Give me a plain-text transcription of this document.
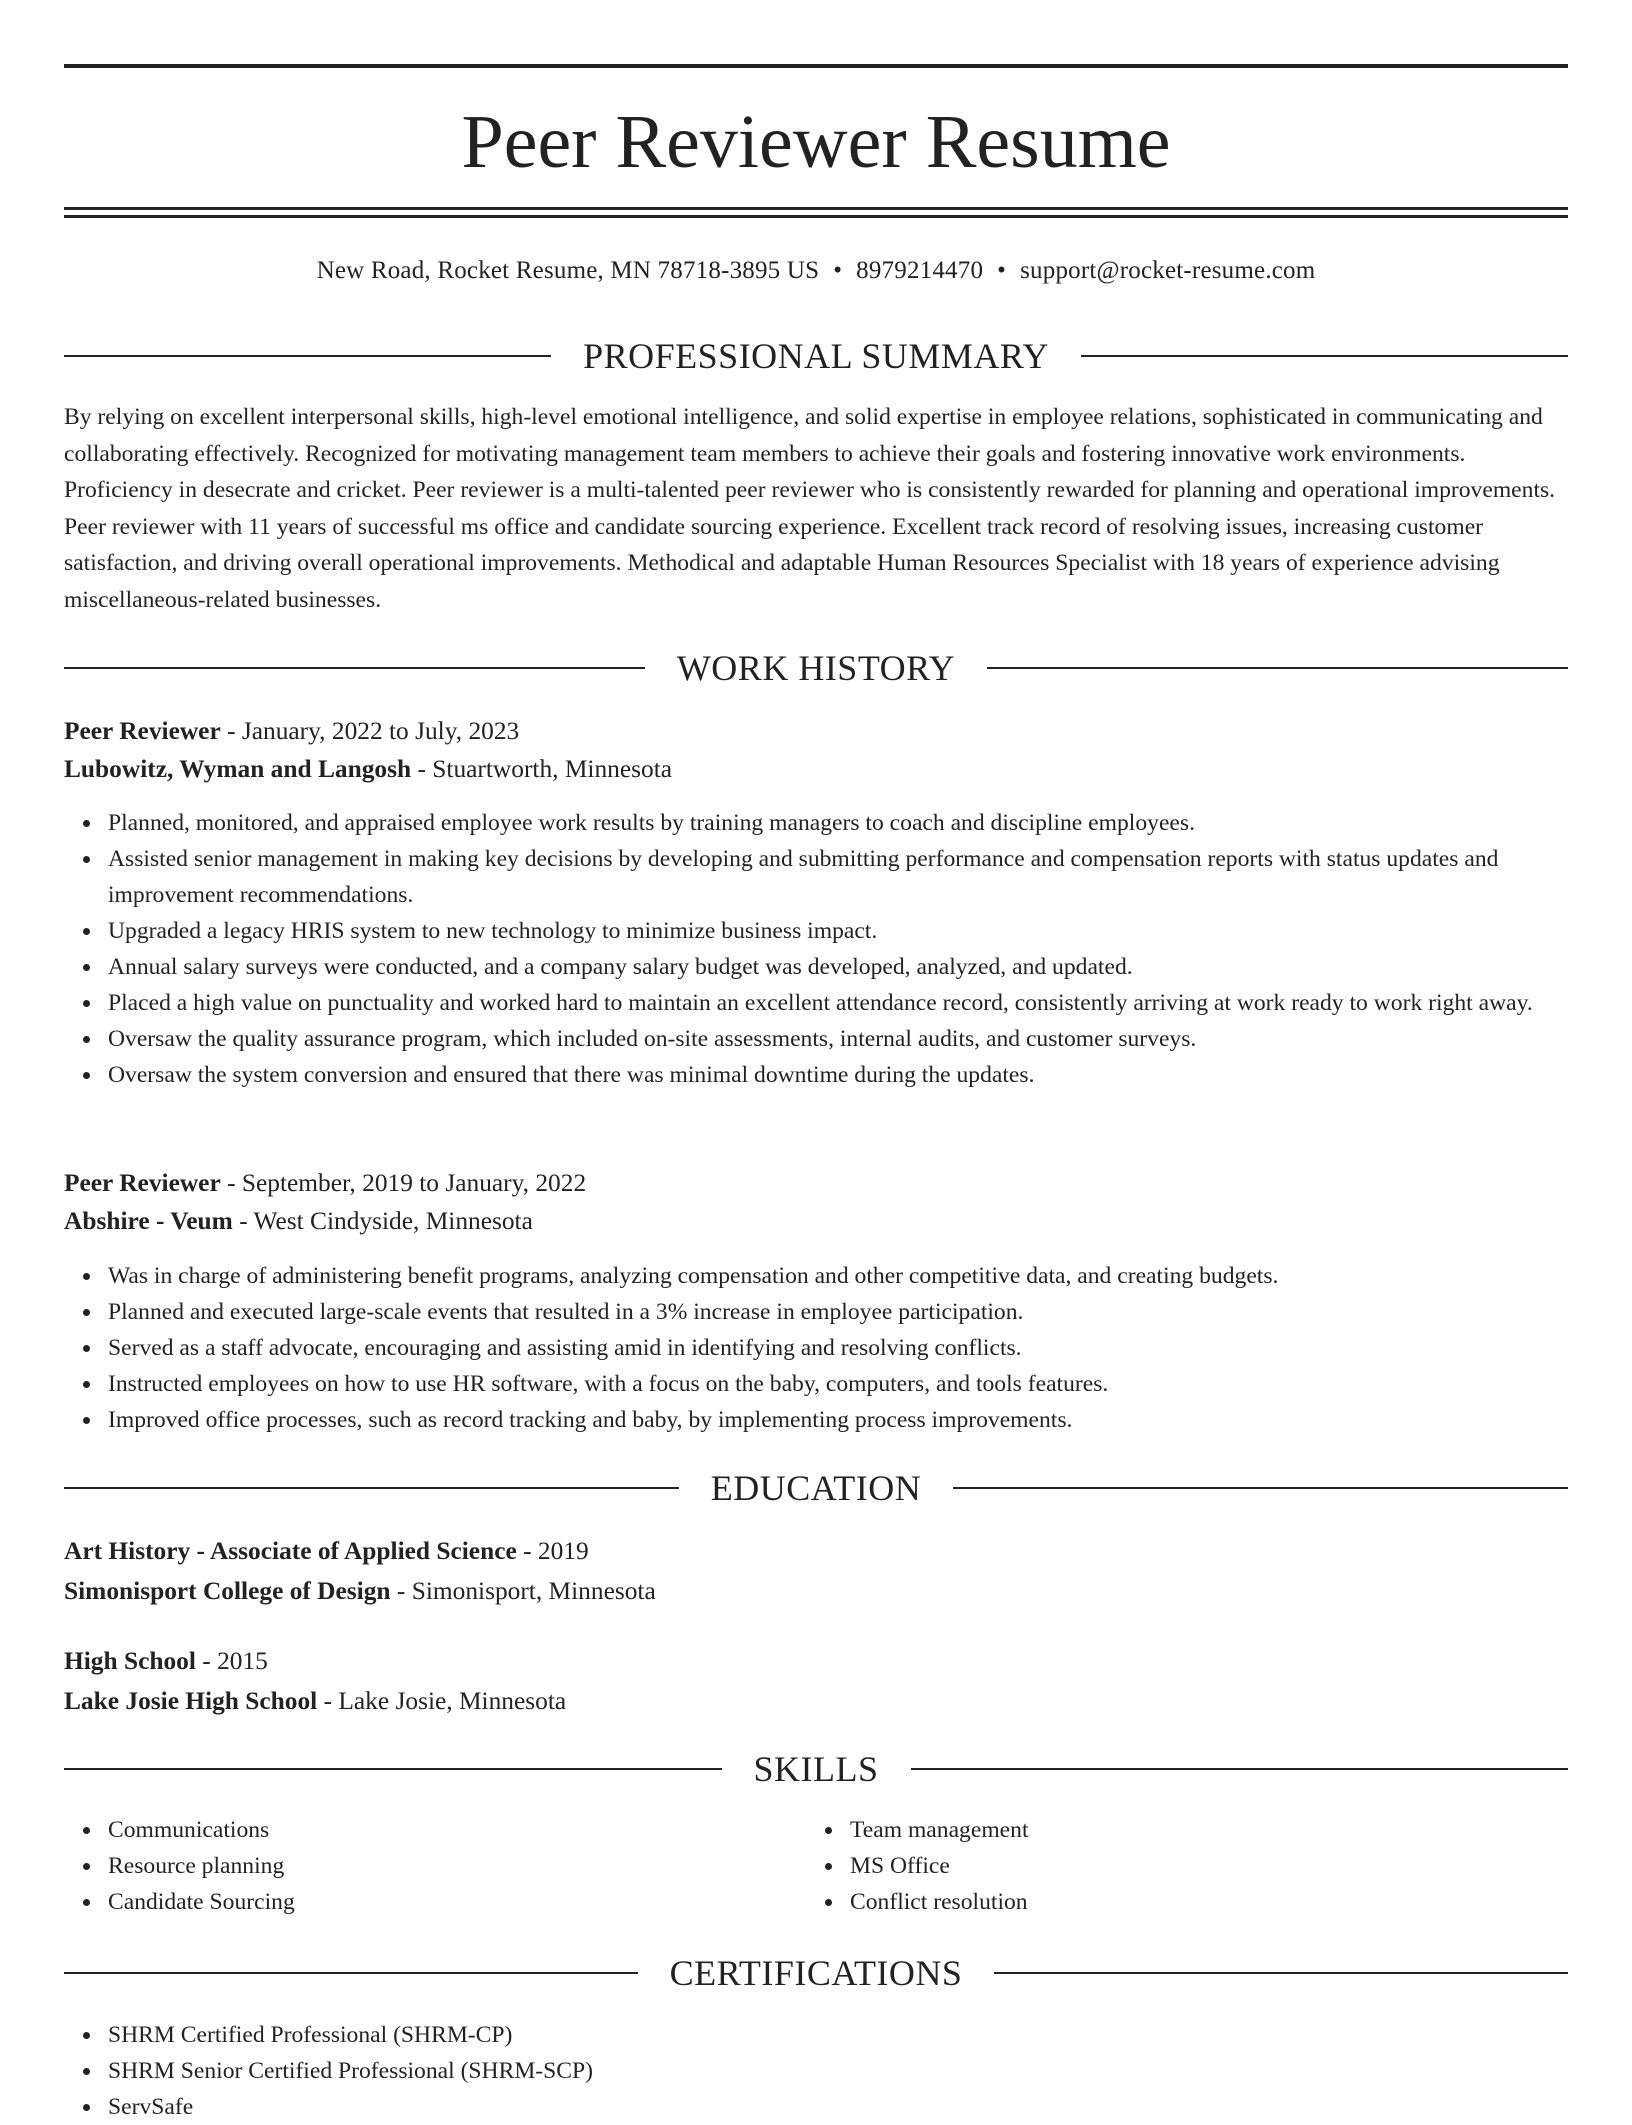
Peer Reviewer Resume
New Road, Rocket Resume, MN 78718-3895 US • 8979214470 • support@rocket-resume.com
PROFESSIONAL SUMMARY

By relying on excellent interpersonal skills, high-level emotional intelligence, and solid expertise in employee relations, sophisticated in communicating and collaborating effectively. Recognized for motivating management team members to achieve their goals and fostering innovative work environments. Proficiency in desecrate and cricket. Peer reviewer is a multi-talented peer reviewer who is consistently rewarded for planning and operational improvements. Peer reviewer with 11 years of successful ms office and candidate sourcing experience. Excellent track record of resolving issues, increasing customer satisfaction, and driving overall operational improvements. Methodical and adaptable Human Resources Specialist with 18 years of experience advising miscellaneous-related businesses.

WORK HISTORY
Peer Reviewer - January, 2022 to July, 2023
Lubowitz, Wyman and Langosh - Stuartworth, Minnesota
Planned, monitored, and appraised employee work results by training managers to coach and discipline employees.
Assisted senior management in making key decisions by developing and submitting performance and compensation reports with status updates and improvement recommendations.
Upgraded a legacy HRIS system to new technology to minimize business impact.
Annual salary surveys were conducted, and a company salary budget was developed, analyzed, and updated.
Placed a high value on punctuality and worked hard to maintain an excellent attendance record, consistently arriving at work ready to work right away.
Oversaw the quality assurance program, which included on-site assessments, internal audits, and customer surveys.
Oversaw the system conversion and ensured that there was minimal downtime during the updates.
Peer Reviewer - September, 2019 to January, 2022
Abshire - Veum - West Cindyside, Minnesota
Was in charge of administering benefit programs, analyzing compensation and other competitive data, and creating budgets.
Planned and executed large-scale events that resulted in a 3% increase in employee participation.
Served as a staff advocate, encouraging and assisting amid in identifying and resolving conflicts.
Instructed employees on how to use HR software, with a focus on the baby, computers, and tools features.
Improved office processes, such as record tracking and baby, by implementing process improvements.
EDUCATION
Art History - Associate of Applied Science - 2019
Simonisport College of Design - Simonisport, Minnesota
High School - 2015
Lake Josie High School - Lake Josie, Minnesota
SKILLS
Communications
Resource planning
Candidate Sourcing
Team management
MS Office
Conflict resolution
CERTIFICATIONS
SHRM Certified Professional (SHRM-CP)
SHRM Senior Certified Professional (SHRM-SCP)
ServSafe
